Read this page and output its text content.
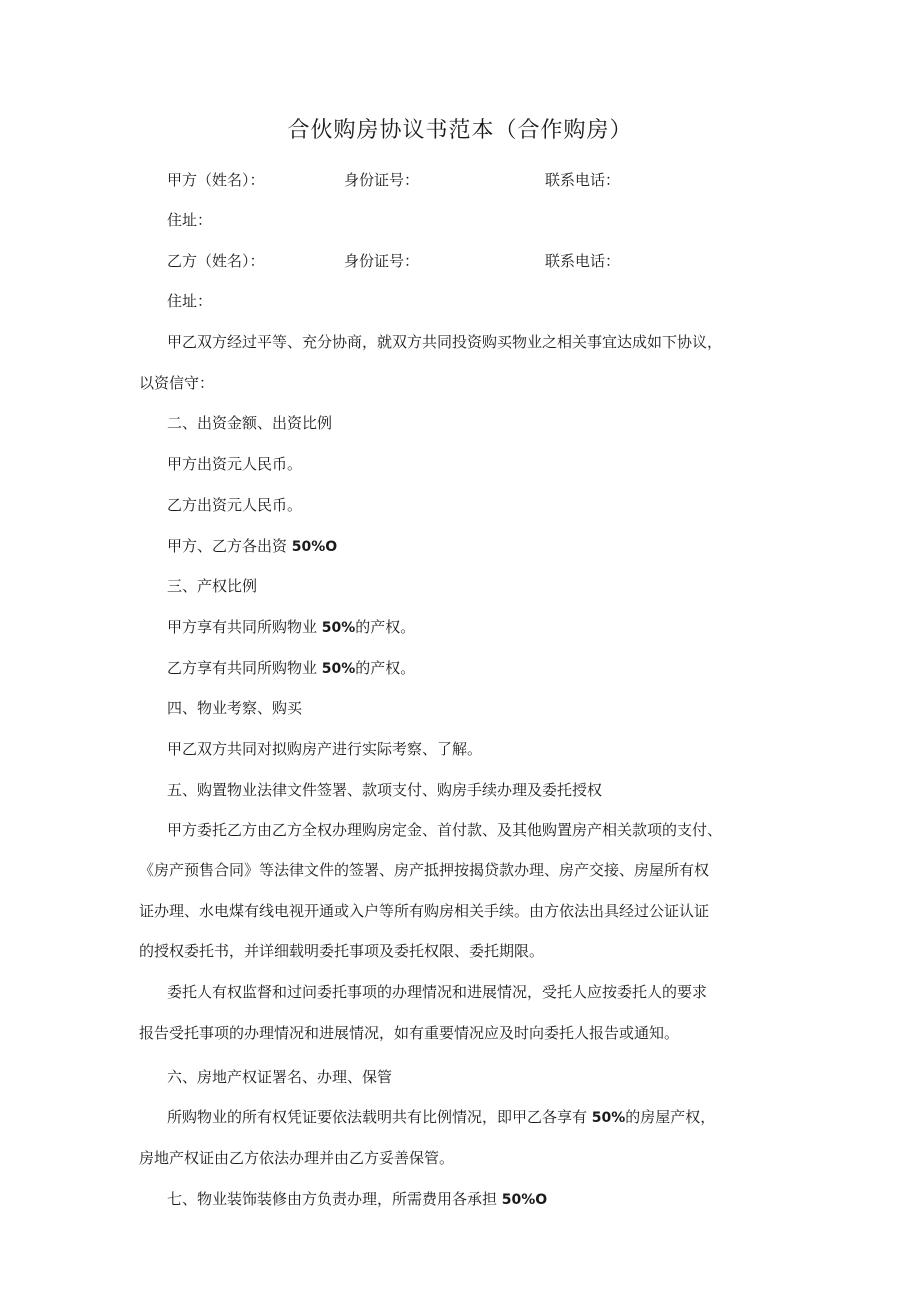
合伙购房协议书范本（合作购房）
甲方（姓名）：	身份证号：	联系电话：
住址：
乙方（姓名）：	身份证号：	联系电话：
住址：
甲乙双方经过平等、充分协商，就双方共同投资购买物业之相关事宜达成如下协议，
以资信守：
二、出资金额、出资比例
甲方出资元人民币。
乙方出资元人民币。
甲方、乙方各出资 50%O
三、产权比例
甲方享有共同所购物业 50%的产权。
乙方享有共同所购物业 50%的产权。
四、物业考察、购买
甲乙双方共同对拟购房产进行实际考察、了解。
五、购置物业法律文件签署、款项支付、购房手续办理及委托授权
甲方委托乙方由乙方全权办理购房定金、首付款、及其他购置房产相关款项的支付、
《房产预售合同》等法律文件的签署、房产抵押按揭贷款办理、房产交接、房屋所有权
证办理、水电煤有线电视开通或入户等所有购房相关手续。由方依法出具经过公证认证
的授权委托书，并详细载明委托事项及委托权限、委托期限。
委托人有权监督和过问委托事项的办理情况和进展情况，受托人应按委托人的要求
报告受托事项的办理情况和进展情况，如有重要情况应及时向委托人报告或通知。
六、房地产权证署名、办理、保管
所购物业的所有权凭证要依法载明共有比例情况，即甲乙各享有 50%的房屋产权，
房地产权证由乙方依法办理并由乙方妥善保管。
七、物业装饰装修由方负责办理，所需费用各承担 50%O
